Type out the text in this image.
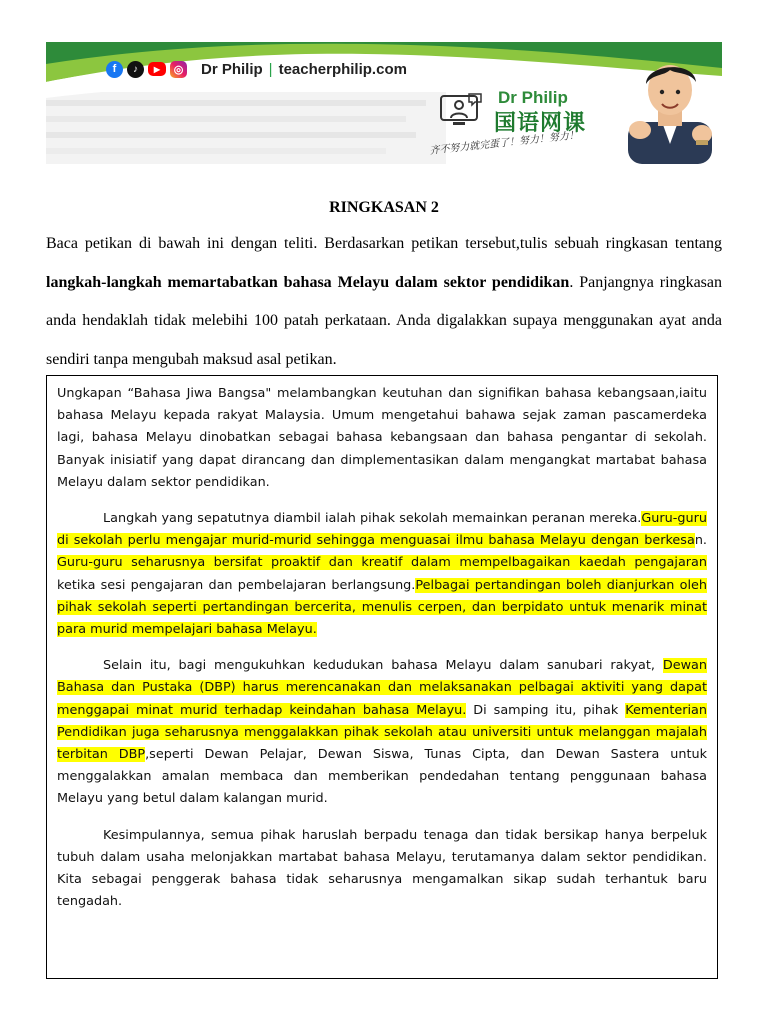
f	♪	▶	◎ Dr Philip | teacherphilip.com
Dr Philip
国语网课
齐不努力就完蛋了！努力！努力！
RINGKASAN 2
Baca petikan di bawah ini dengan teliti. Berdasarkan petikan tersebut,tulis sebuah ringkasan tentang langkah-langkah memartabatkan bahasa Melayu dalam sektor pendidikan. Panjangnya ringkasan anda hendaklah tidak melebihi 100 patah perkataan. Anda digalakkan supaya menggunakan ayat anda sendiri tanpa mengubah maksud asal petikan.

Ungkapan “Bahasa Jiwa Bangsa" melambangkan keutuhan dan signifikan bahasa kebangsaan,iaitu bahasa Melayu kepada rakyat Malaysia. Umum mengetahui bahawa sejak zaman pascamerdeka lagi, bahasa Melayu dinobatkan sebagai bahasa kebangsaan dan bahasa pengantar di sekolah. Banyak inisiatif yang dapat dirancang dan dimplementasikan dalam mengangkat martabat bahasa Melayu dalam sektor pendidikan.

Langkah yang sepatutnya diambil ialah pihak sekolah memainkan peranan mereka.Guru-guru di sekolah perlu mengajar murid-murid sehingga menguasai ilmu bahasa Melayu dengan berkesan. Guru-guru seharusnya bersifat proaktif dan kreatif dalam mempelbagaikan kaedah pengajaran ketika sesi pengajaran dan pembelajaran berlangsung.Pelbagai pertandingan boleh dianjurkan oleh pihak sekolah seperti pertandingan bercerita, menulis cerpen, dan berpidato untuk menarik minat para murid mempelajari bahasa Melayu.

Selain itu, bagi mengukuhkan kedudukan bahasa Melayu dalam sanubari rakyat, Dewan Bahasa dan Pustaka (DBP) harus merencanakan dan melaksanakan pelbagai aktiviti yang dapat menggapai minat murid terhadap keindahan bahasa Melayu. Di samping itu, pihak Kementerian Pendidikan juga seharusnya menggalakkan pihak sekolah atau universiti untuk melanggan majalah terbitan DBP,seperti Dewan Pelajar, Dewan Siswa, Tunas Cipta, dan Dewan Sastera untuk menggalakkan amalan membaca dan memberikan pendedahan tentang penggunaan bahasa Melayu yang betul dalam kalangan murid.

Kesimpulannya, semua pihak haruslah berpadu tenaga dan tidak bersikap hanya berpeluk tubuh dalam usaha melonjakkan martabat bahasa Melayu, terutamanya dalam sektor pendidikan. Kita sebagai penggerak bahasa tidak seharusnya mengamalkan sikap sudah terhantuk baru tengadah.
